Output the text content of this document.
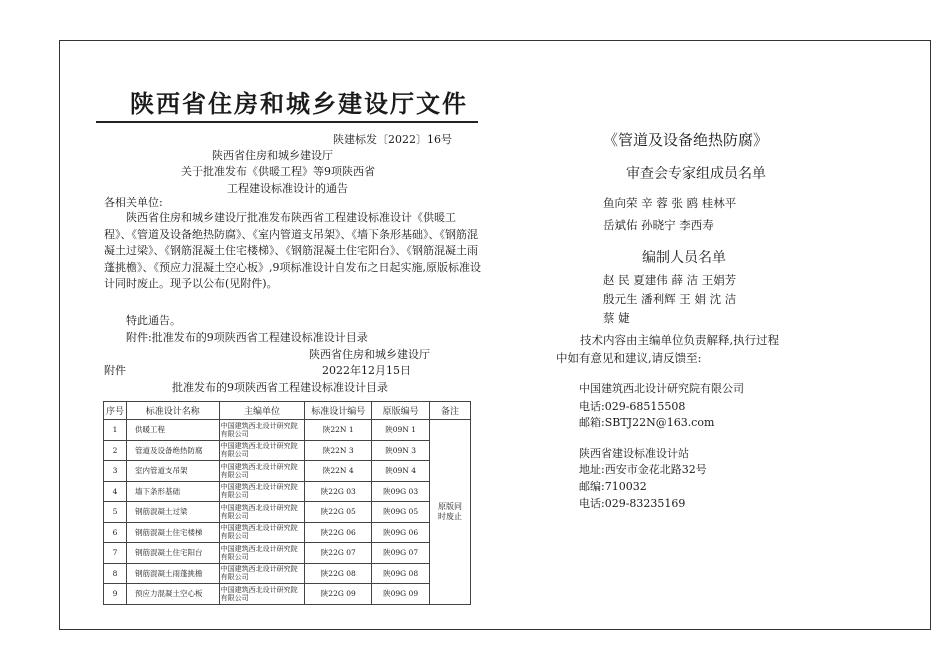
陕西省住房和城乡建设厅文件
陕建标发〔2022〕16号
陕西省住房和城乡建设厅
关于批准发布《供暖工程》等9项陕西省
工程建设标准设计的通告
各相关单位:
陕西省住房和城乡建设厅批准发布陕西省工程建设标准设计《供暖工程》、《管道及设备绝热防腐》、《室内管道支吊架》、《墙下条形基础》、《钢筋混凝土过梁》、《钢筋混凝土住宅楼梯》、《钢筋混凝土住宅阳台》、《钢筋混凝土雨蓬挑檐》、《预应力混凝土空心板》,9项标准设计自发布之日起实施,原版标准设计同时废止。现予以公布(见附件)。
特此通告。
附件:批准发布的9项陕西省工程建设标准设计目录
陕西省住房和城乡建设厅
附件	2022年12月15日
批准发布的9项陕西省工程建设标准设计目录
序号	标准设计名称	主编单位	标准设计编号	原版编号	备注
1	供暖工程	中国建筑西北设计研究院有限公司	陕22N 1	陕09N 1	原版同时废止
2	管道及设备绝热防腐	中国建筑西北设计研究院有限公司	陕22N 3	陕09N 3	
3	室内管道支吊架	中国建筑西北设计研究院有限公司	陕22N 4	陕09N 4	
4	墙下条形基础	中国建筑西北设计研究院有限公司	陕22G 03	陕09G 03	
5	钢筋混凝土过梁	中国建筑西北设计研究院有限公司	陕22G 05	陕09G 05	
6	钢筋混凝土住宅楼梯	中国建筑西北设计研究院有限公司	陕22G 06	陕09G 06	
7	钢筋混凝土住宅阳台	中国建筑西北设计研究院有限公司	陕22G 07	陕09G 07	
8	钢筋混凝土雨蓬挑檐	中国建筑西北设计研究院有限公司	陕22G 08	陕09G 08	
9	预应力混凝土空心板	中国建筑西北设计研究院有限公司	陕22G 09	陕09G 09	
《管道及设备绝热防腐》
审查会专家组成员名单
鱼向荣 辛 蓉 张 鸥 桂林平
岳斌佑 孙晓宁 李西寿
编制人员名单
赵 民 夏建伟 薛 洁 王娟芳
殷元生 潘利辉 王 娟 沈 洁
蔡 婕
技术内容由主编单位负责解释,执行过程
中如有意见和建议,请反馈至:
中国建筑西北设计研究院有限公司
电话:029-68515508
邮箱:SBTJ22N@163.com
陕西省建设标准设计站
地址:西安市金花北路32号
邮编:710032
电话:029-83235169
